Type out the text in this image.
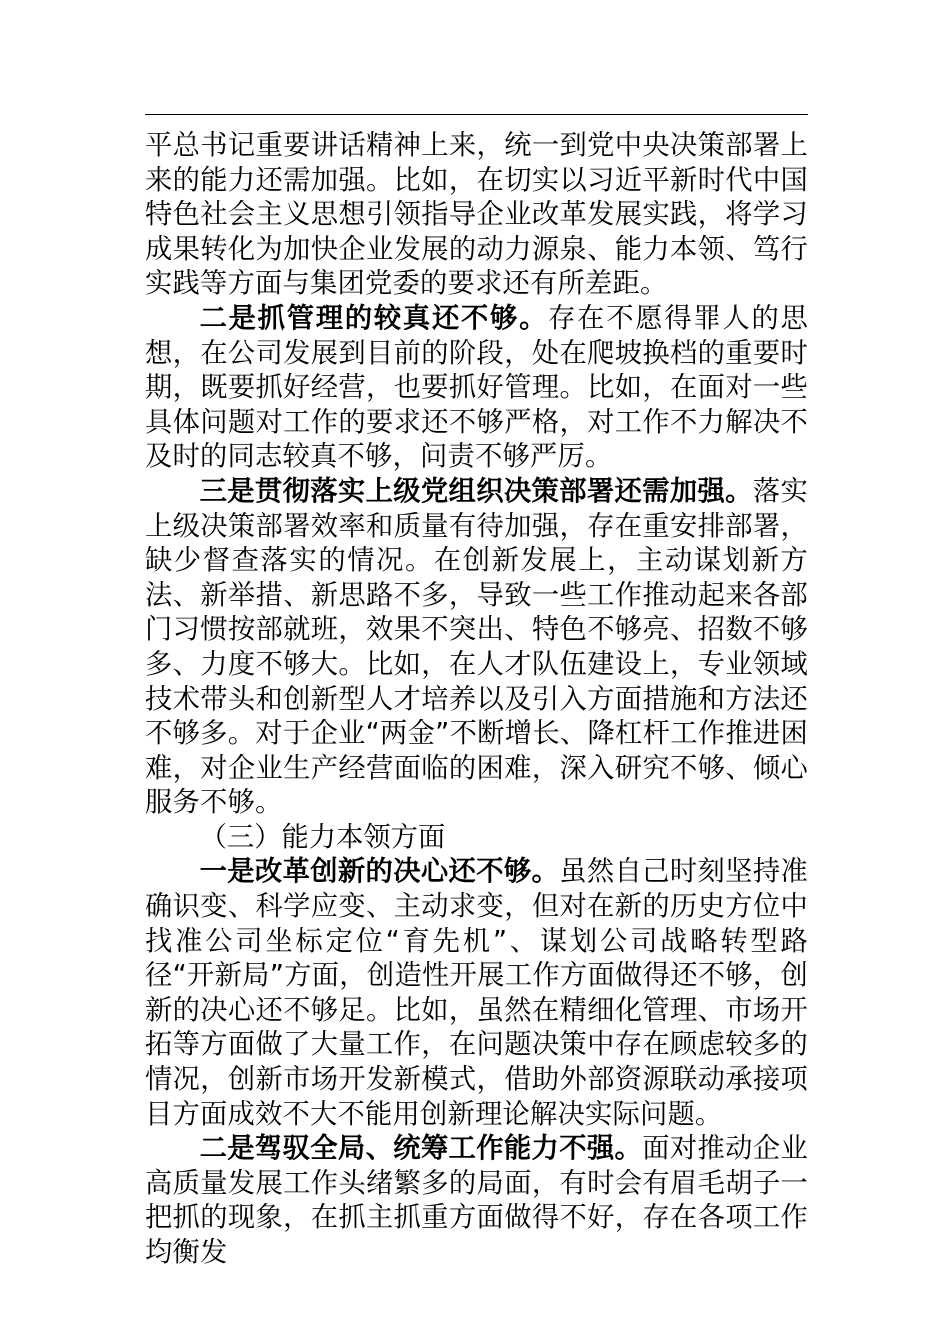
平总书记重要讲话精神上来，统一到党中央决策部署上来的能力还需加强。比如，在切实以习近平新时代中国特色社会主义思想引领指导企业改革发展实践，将学习成果转化为加快企业发展的动力源泉、能力本领、笃行实践等方面与集团党委的要求还有所差距。

二是抓管理的较真还不够。存在不愿得罪人的思想，在公司发展到目前的阶段，处在爬坡换档的重要时期，既要抓好经营，也要抓好管理。比如，在面对一些具体问题对工作的要求还不够严格，对工作不力解决不及时的同志较真不够，问责不够严厉。

三是贯彻落实上级党组织决策部署还需加强。落实上级决策部署效率和质量有待加强，存在重安排部署，缺少督查落实的情况。在创新发展上，主动谋划新方法、新举措、新思路不多，导致一些工作推动起来各部门习惯按部就班，效果不突出、特色不够亮、招数不够多、力度不够大。比如，在人才队伍建设上，专业领域技术带头和创新型人才培养以及引入方面措施和方法还不够多。对于企业“两金”不断增长、降杠杆工作推进困难，对企业生产经营面临的困难，深入研究不够、倾心服务不够。

（三）能力本领方面

一是改革创新的决心还不够。虽然自己时刻坚持准确识变、科学应变、主动求变，但对在新的历史方位中找准公司坐标定位“育先机”、谋划公司战略转型路径“开新局”方面，创造性开展工作方面做得还不够，创新的决心还不够足。比如，虽然在精细化管理、市场开拓等方面做了大量工作，在问题决策中存在顾虑较多的情况，创新市场开发新模式，借助外部资源联动承接项目方面成效不大不能用创新理论解决实际问题。

二是驾驭全局、统筹工作能力不强。面对推动企业高质量发展工作头绪繁多的局面，有时会有眉毛胡子一把抓的现象，在抓主抓重方面做得不好，存在各项工作均衡发
